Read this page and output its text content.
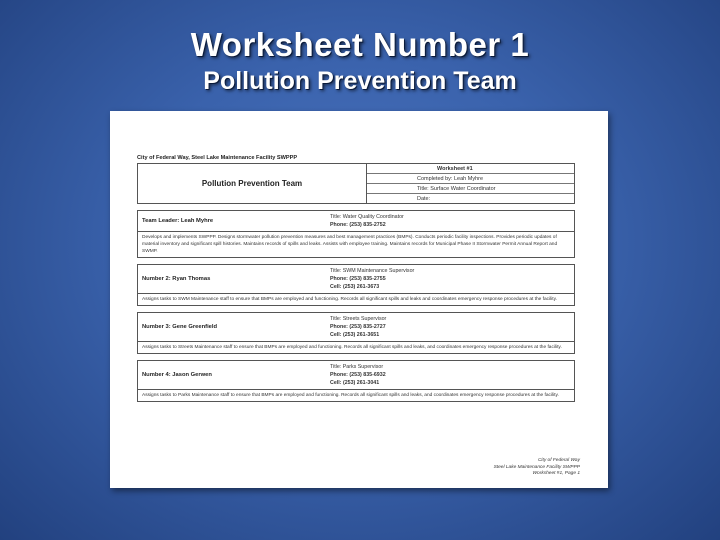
Worksheet Number 1
Pollution Prevention Team
City of Federal Way, Steel Lake Maintenance Facility SWPPP
Pollution Prevention Team
Worksheet #1
Completed by: Leah Myhre
Title: Surface Water Coordinator
Date:
Team Leader: Leah Myhre
Title: Water Quality Coordinator
Phone: (253) 835-2752
Develops and implements SWPPP. Designs stormwater pollution prevention measures and best management practices (BMPs). Conducts periodic facility inspections. Provides periodic updates of material inventory and significant spill histories. Maintains records of spills and leaks. Assists with employee training. Maintains records for Municipal Phase II Stormwater Permit Annual Report and SWMP.
Number 2: Ryan Thomas
Title: SWM Maintenance Supervisor
Phone: (253) 835-2755
Cell: (253) 261-3673
Assigns tasks to SWM Maintenance staff to ensure that BMPs are employed and functioning. Records all significant spills and leaks and coordinates emergency response procedures at the facility.
Number 3: Gene Greenfield
Title: Streets Supervisor
Phone: (253) 835-2727
Cell: (253) 261-3651
Assigns tasks to Streets Maintenance staff to ensure that BMPs are employed and functioning. Records all significant spills and leaks, and coordinates emergency response procedures at the facility.
Number 4: Jason Gerwen
Title: Parks Supervisor
Phone: (253) 835-6932
Cell: (253) 261-3041
Assigns tasks to Parks Maintenance staff to ensure that BMPs are employed and functioning. Records all significant spills and leaks, and coordinates emergency response procedures at the facility.
City of Federal Way
Steel Lake Maintenance Facility SWPPP
Worksheet #1, Page 1
